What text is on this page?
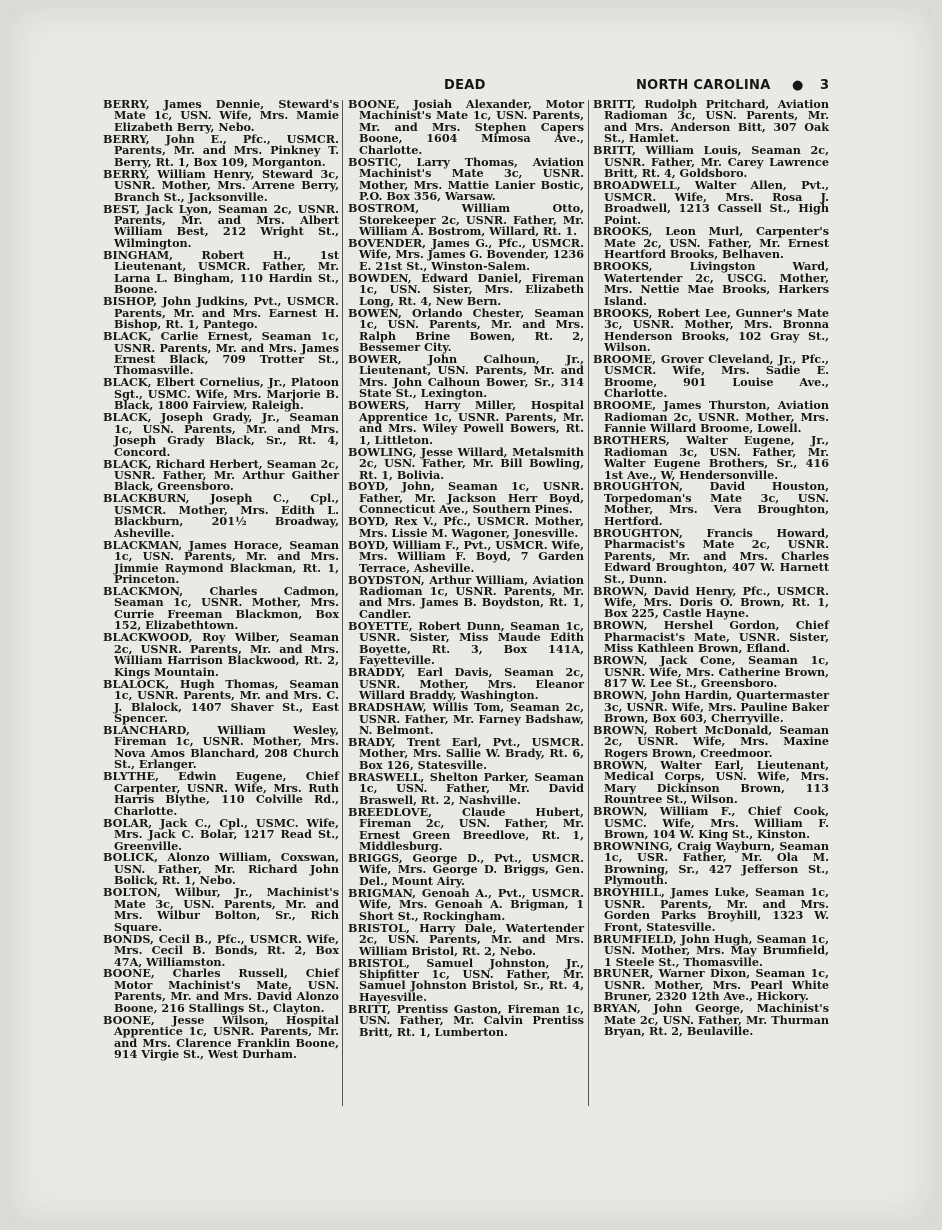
DEAD	NORTH CAROLINA ● 3

BERRY, James Dennie, Steward's Mate 1c, USN. Wife, Mrs. Mamie Elizabeth Berry, Nebo.

BERRY, John E., Pfc., USMCR. Parents, Mr. and Mrs. Pinkney T. Berry, Rt. 1, Box 109, Morganton.

BERRY, William Henry, Steward 3c, USNR. Mother, Mrs. Arrene Berry, Branch St., Jacksonville.

BEST, Jack Lyon, Seaman 2c, USNR. Parents, Mr. and Mrs. Albert William Best, 212 Wright St., Wilmington.

BINGHAM, Robert H., 1st Lieutenant, USMCR. Father, Mr. Larna L. Bingham, 110 Hardin St., Boone.

BISHOP, John Judkins, Pvt., USMCR. Parents, Mr. and Mrs. Earnest H. Bishop, Rt. 1, Pantego.

BLACK, Carlie Ernest, Seaman 1c, USNR. Parents, Mr. and Mrs. James Ernest Black, 709 Trotter St., Thomasville.

BLACK, Elbert Cornelius, Jr., Platoon Sgt., USMC. Wife, Mrs. Marjorie B. Black, 1800 Fairview, Raleigh.

BLACK, Joseph Grady, Jr., Seaman 1c, USN. Parents, Mr. and Mrs. Joseph Grady Black, Sr., Rt. 4, Concord.

BLACK, Richard Herbert, Seaman 2c, USNR. Father, Mr. Arthur Gaither Black, Greensboro.

BLACKBURN, Joseph C., Cpl., USMCR. Mother, Mrs. Edith L. Blackburn, 201½ Broadway, Asheville.

BLACKMAN, James Horace, Seaman 1c, USN. Parents, Mr. and Mrs. Jimmie Raymond Blackman, Rt. 1, Princeton.

BLACKMON, Charles Cadmon, Seaman 1c, USNR. Mother, Mrs. Currie Freeman Blackmon, Box 152, Elizabethtown.

BLACKWOOD, Roy Wilber, Seaman 2c, USNR. Parents, Mr. and Mrs. William Harrison Blackwood, Rt. 2, Kings Mountain.

BLALOCK, Hugh Thomas, Seaman 1c, USNR. Parents, Mr. and Mrs. C. J. Blalock, 1407 Shaver St., East Spencer.

BLANCHARD, William Wesley, Fireman 1c, USNR. Mother, Mrs. Nova Amos Blanchard, 208 Church St., Erlanger.

BLYTHE, Edwin Eugene, Chief Carpenter, USNR. Wife, Mrs. Ruth Harris Blythe, 110 Colville Rd., Charlotte.

BOLAR, Jack C., Cpl., USMC. Wife, Mrs. Jack C. Bolar, 1217 Read St., Greenville.

BOLICK, Alonzo William, Coxswan, USN. Father, Mr. Richard John Bolick, Rt. 1, Nebo.

BOLTON, Wilbur, Jr., Machinist's Mate 3c, USN. Parents, Mr. and Mrs. Wilbur Bolton, Sr., Rich Square.

BONDS, Cecil B., Pfc., USMCR. Wife, Mrs. Cecil B. Bonds, Rt. 2, Box 47A, Williamston.

BOONE, Charles Russell, Chief Motor Machinist's Mate, USN. Parents, Mr. and Mrs. David Alonzo Boone, 216 Stallings St., Clayton.

BOONE, Jesse Wilson, Hospital Apprentice 1c, USNR. Parents, Mr. and Mrs. Clarence Franklin Boone, 914 Virgie St., West Durham.

BOONE, Josiah Alexander, Motor Machinist's Mate 1c, USN. Parents, Mr. and Mrs. Stephen Capers Boone, 1604 Mimosa Ave., Charlotte.

BOSTIC, Larry Thomas, Aviation Machinist's Mate 3c, USNR. Mother, Mrs. Mattie Lanier Bostic, P.O. Box 356, Warsaw.

BOSTROM, William Otto, Storekeeper 2c, USNR. Father, Mr. William A. Bostrom, Willard, Rt. 1.

BOVENDER, James G., Pfc., USMCR. Wife, Mrs. James G. Bovender, 1236 E. 21st St., Winston-Salem.

BOWDEN, Edward Daniel, Fireman 1c, USN. Sister, Mrs. Elizabeth Long, Rt. 4, New Bern.

BOWEN, Orlando Chester, Seaman 1c, USN. Parents, Mr. and Mrs. Ralph Brine Bowen, Rt. 2, Bessemer City.

BOWER, John Calhoun, Jr., Lieutenant, USN. Parents, Mr. and Mrs. John Calhoun Bower, Sr., 314 State St., Lexington.

BOWERS, Harry Miller, Hospital Apprentice 1c, USNR. Parents, Mr. and Mrs. Wiley Powell Bowers, Rt. 1, Littleton.

BOWLING, Jesse Willard, Metalsmith 2c, USN. Father, Mr. Bill Bowling, Rt. 1, Bolivia.

BOYD, John, Seaman 1c, USNR. Father, Mr. Jackson Herr Boyd, Connecticut Ave., Southern Pines.

BOYD, Rex V., Pfc., USMCR. Mother, Mrs. Lissie M. Wagoner, Jonesville.

BOYD, William F., Pvt., USMCR. Wife, Mrs. William F. Boyd, 7 Garden Terrace, Asheville.

BOYDSTON, Arthur William, Aviation Radioman 1c, USNR. Parents, Mr. and Mrs. James B. Boydston, Rt. 1, Candler.

BOYETTE, Robert Dunn, Seaman 1c, USNR. Sister, Miss Maude Edith Boyette, Rt. 3, Box 141A, Fayetteville.

BRADDY, Earl Davis, Seaman 2c, USNR. Mother, Mrs. Eleanor Willard Braddy, Washington.

BRADSHAW, Willis Tom, Seaman 2c, USNR. Father, Mr. Farney Badshaw, N. Belmont.

BRADY, Trent Earl, Pvt., USMCR. Mother, Mrs. Sallie W. Brady, Rt. 6, Box 126, Statesville.

BRASWELL, Shelton Parker, Seaman 1c, USN. Father, Mr. David Braswell, Rt. 2, Nashville.

BREEDLOVE, Claude Hubert, Fireman 2c, USN. Father, Mr. Ernest Green Breedlove, Rt. 1, Middlesburg.

BRIGGS, George D., Pvt., USMCR. Wife, Mrs. George D. Briggs, Gen. Del., Mount Airy.

BRIGMAN, Genoah A., Pvt., USMCR. Wife, Mrs. Genoah A. Brigman, 1 Short St., Rockingham.

BRISTOL, Harry Dale, Watertender 2c, USN. Parents, Mr. and Mrs. William Bristol, Rt. 2, Nebo.

BRISTOL, Samuel Johnston, Jr., Shipfitter 1c, USN. Father, Mr. Samuel Johnston Bristol, Sr., Rt. 4, Hayesville.

BRITT, Prentiss Gaston, Fireman 1c, USN. Father, Mr. Calvin Prentiss Britt, Rt. 1, Lumberton.

BRITT, Rudolph Pritchard, Aviation Radioman 3c, USN. Parents, Mr. and Mrs. Anderson Bitt, 307 Oak St., Hamlet.

BRITT, William Louis, Seaman 2c, USNR. Father, Mr. Carey Lawrence Britt, Rt. 4, Goldsboro.

BROADWELL, Walter Allen, Pvt., USMCR. Wife, Mrs. Rosa J. Broadwell, 1213 Cassell St., High Point.

BROOKS, Leon Murl, Carpenter's Mate 2c, USN. Father, Mr. Ernest Heartford Brooks, Belhaven.

BROOKS, Livingston Ward, Watertender 2c, USCG. Mother, Mrs. Nettie Mae Brooks, Harkers Island.

BROOKS, Robert Lee, Gunner's Mate 3c, USNR. Mother, Mrs. Bronna Henderson Brooks, 102 Gray St., Wilson.

BROOME, Grover Cleveland, Jr., Pfc., USMCR. Wife, Mrs. Sadie E. Broome, 901 Louise Ave., Charlotte.

BROOME, James Thurston, Aviation Radioman 2c, USNR. Mother, Mrs. Fannie Willard Broome, Lowell.

BROTHERS, Walter Eugene, Jr., Radioman 3c, USN. Father, Mr. Walter Eugene Brothers, Sr., 416 1st Ave., W, Hendersonville.

BROUGHTON, David Houston, Torpedoman's Mate 3c, USN. Mother, Mrs. Vera Broughton, Hertford.

BROUGHTON, Francis Howard, Pharmacist's Mate 2c, USNR. Parents, Mr. and Mrs. Charles Edward Broughton, 407 W. Harnett St., Dunn.

BROWN, David Henry, Pfc., USMCR. Wife, Mrs. Doris O. Brown, Rt. 1, Box 225, Castle Hayne.

BROWN, Hershel Gordon, Chief Pharmacist's Mate, USNR. Sister, Miss Kathleen Brown, Efland.

BROWN, Jack Cone, Seaman 1c, USNR. Wife, Mrs. Catherine Brown, 817 W. Lee St., Greensboro.

BROWN, John Hardin, Quartermaster 3c, USNR. Wife, Mrs. Pauline Baker Brown, Box 603, Cherryville.

BROWN, Robert McDonald, Seaman 2c, USNR. Wife, Mrs. Maxine Rogers Brown, Creedmoor.

BROWN, Walter Earl, Lieutenant, Medical Corps, USN. Wife, Mrs. Mary Dickinson Brown, 113 Rountree St., Wilson.

BROWN, William F., Chief Cook, USMC. Wife, Mrs. William F. Brown, 104 W. King St., Kinston.

BROWNING, Craig Wayburn, Seaman 1c, USR. Father, Mr. Ola M. Browning, Sr., 427 Jefferson St., Plymouth.

BROYHILL, James Luke, Seaman 1c, USNR. Parents, Mr. and Mrs. Gorden Parks Broyhill, 1323 W. Front, Statesville.

BRUMFIELD, John Hugh, Seaman 1c, USN. Mother, Mrs. May Brumfield, 1 Steele St., Thomasville.

BRUNER, Warner Dixon, Seaman 1c, USNR. Mother, Mrs. Pearl White Bruner, 2320 12th Ave., Hickory.

BRYAN, John George, Machinist's Mate 2c, USN. Father, Mr. Thurman Bryan, Rt. 2, Beulaville.
